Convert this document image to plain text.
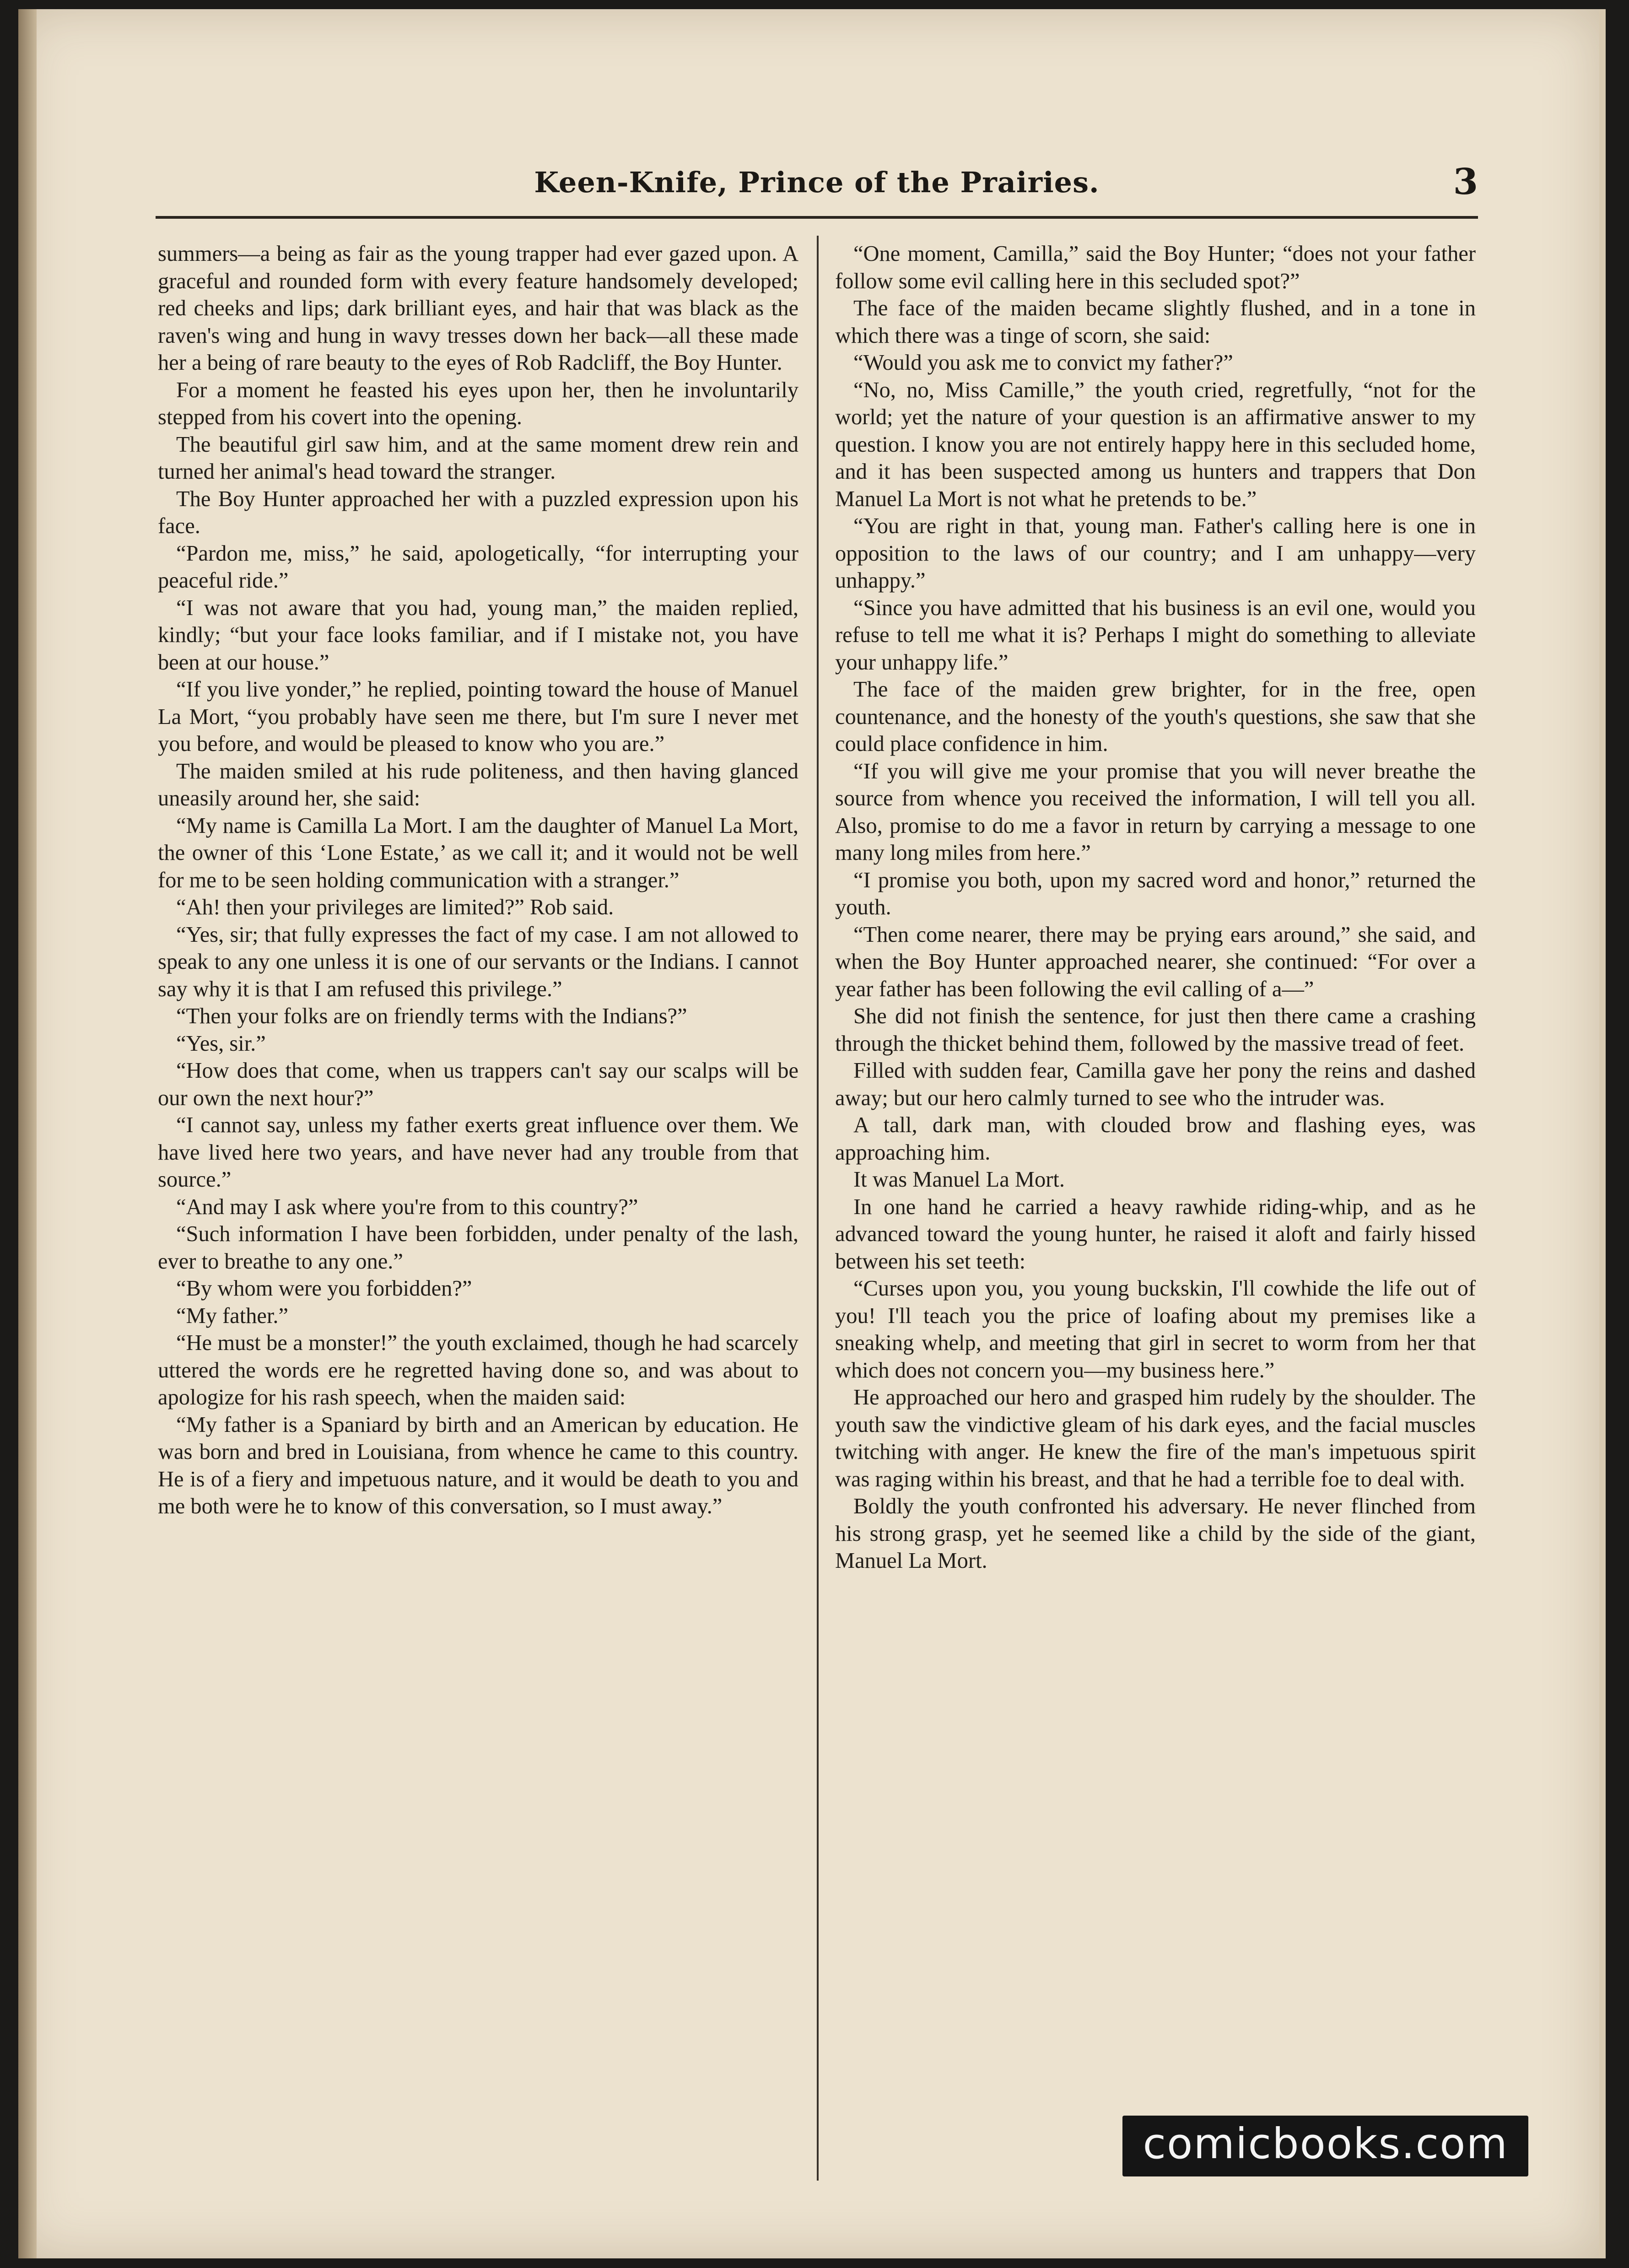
Keen-Knife, Prince of the Prairies.	3

summers—a being as fair as the young trapper had ever gazed upon. A graceful and rounded form with every feature handsomely developed; red cheeks and lips; dark brilliant eyes, and hair that was black as the raven's wing and hung in wavy tresses down her back—all these made her a being of rare beauty to the eyes of Rob Radcliff, the Boy Hunter.

For a moment he feasted his eyes upon her, then he involuntarily stepped from his covert into the opening.

The beautiful girl saw him, and at the same moment drew rein and turned her animal's head toward the stranger.

The Boy Hunter approached her with a puzzled expression upon his face.

“Pardon me, miss,” he said, apologetically, “for interrupting your peaceful ride.”

“I was not aware that you had, young man,” the maiden replied, kindly; “but your face looks familiar, and if I mistake not, you have been at our house.”

“If you live yonder,” he replied, pointing toward the house of Manuel La Mort, “you probably have seen me there, but I'm sure I never met you before, and would be pleased to know who you are.”

The maiden smiled at his rude politeness, and then having glanced uneasily around her, she said:

“My name is Camilla La Mort. I am the daughter of Manuel La Mort, the owner of this ‘Lone Estate,’ as we call it; and it would not be well for me to be seen holding communication with a stranger.”

“Ah! then your privileges are limited?” Rob said.

“Yes, sir; that fully expresses the fact of my case. I am not allowed to speak to any one unless it is one of our servants or the Indians. I cannot say why it is that I am refused this privilege.”

“Then your folks are on friendly terms with the Indians?”

“Yes, sir.”

“How does that come, when us trappers can't say our scalps will be our own the next hour?”

“I cannot say, unless my father exerts great influence over them. We have lived here two years, and have never had any trouble from that source.”

“And may I ask where you're from to this country?”

“Such information I have been forbidden, under penalty of the lash, ever to breathe to any one.”

“By whom were you forbidden?”

“My father.”

“He must be a monster!” the youth exclaimed, though he had scarcely uttered the words ere he regretted having done so, and was about to apologize for his rash speech, when the maiden said:

“My father is a Spaniard by birth and an American by education. He was born and bred in Louisiana, from whence he came to this country. He is of a fiery and impetuous nature, and it would be death to you and me both were he to know of this conversation, so I must away.”

“One moment, Camilla,” said the Boy Hunter; “does not your father follow some evil calling here in this secluded spot?”

The face of the maiden became slightly flushed, and in a tone in which there was a tinge of scorn, she said:

“Would you ask me to convict my father?”

“No, no, Miss Camille,” the youth cried, regretfully, “not for the world; yet the nature of your question is an affirmative answer to my question. I know you are not entirely happy here in this secluded home, and it has been suspected among us hunters and trappers that Don Manuel La Mort is not what he pretends to be.”

“You are right in that, young man. Father's calling here is one in opposition to the laws of our country; and I am unhappy—very unhappy.”

“Since you have admitted that his business is an evil one, would you refuse to tell me what it is? Perhaps I might do something to alleviate your unhappy life.”

The face of the maiden grew brighter, for in the free, open countenance, and the honesty of the youth's questions, she saw that she could place confidence in him.

“If you will give me your promise that you will never breathe the source from whence you received the information, I will tell you all. Also, promise to do me a favor in return by carrying a message to one many long miles from here.”

“I promise you both, upon my sacred word and honor,” returned the youth.

“Then come nearer, there may be prying ears around,” she said, and when the Boy Hunter approached nearer, she continued: “For over a year father has been following the evil calling of a—”

She did not finish the sentence, for just then there came a crashing through the thicket behind them, followed by the massive tread of feet.

Filled with sudden fear, Camilla gave her pony the reins and dashed away; but our hero calmly turned to see who the intruder was.

A tall, dark man, with clouded brow and flashing eyes, was approaching him.

It was Manuel La Mort.

In one hand he carried a heavy rawhide riding-whip, and as he advanced toward the young hunter, he raised it aloft and fairly hissed between his set teeth:

“Curses upon you, you young buckskin, I'll cowhide the life out of you! I'll teach you the price of loafing about my premises like a sneaking whelp, and meeting that girl in secret to worm from her that which does not concern you—my business here.”

He approached our hero and grasped him rudely by the shoulder. The youth saw the vindictive gleam of his dark eyes, and the facial muscles twitching with anger. He knew the fire of the man's impetuous spirit was raging within his breast, and that he had a terrible foe to deal with.

Boldly the youth confronted his adversary. He never flinched from his strong grasp, yet he seemed like a child by the side of the giant, Manuel La Mort.

comicbooks.com
